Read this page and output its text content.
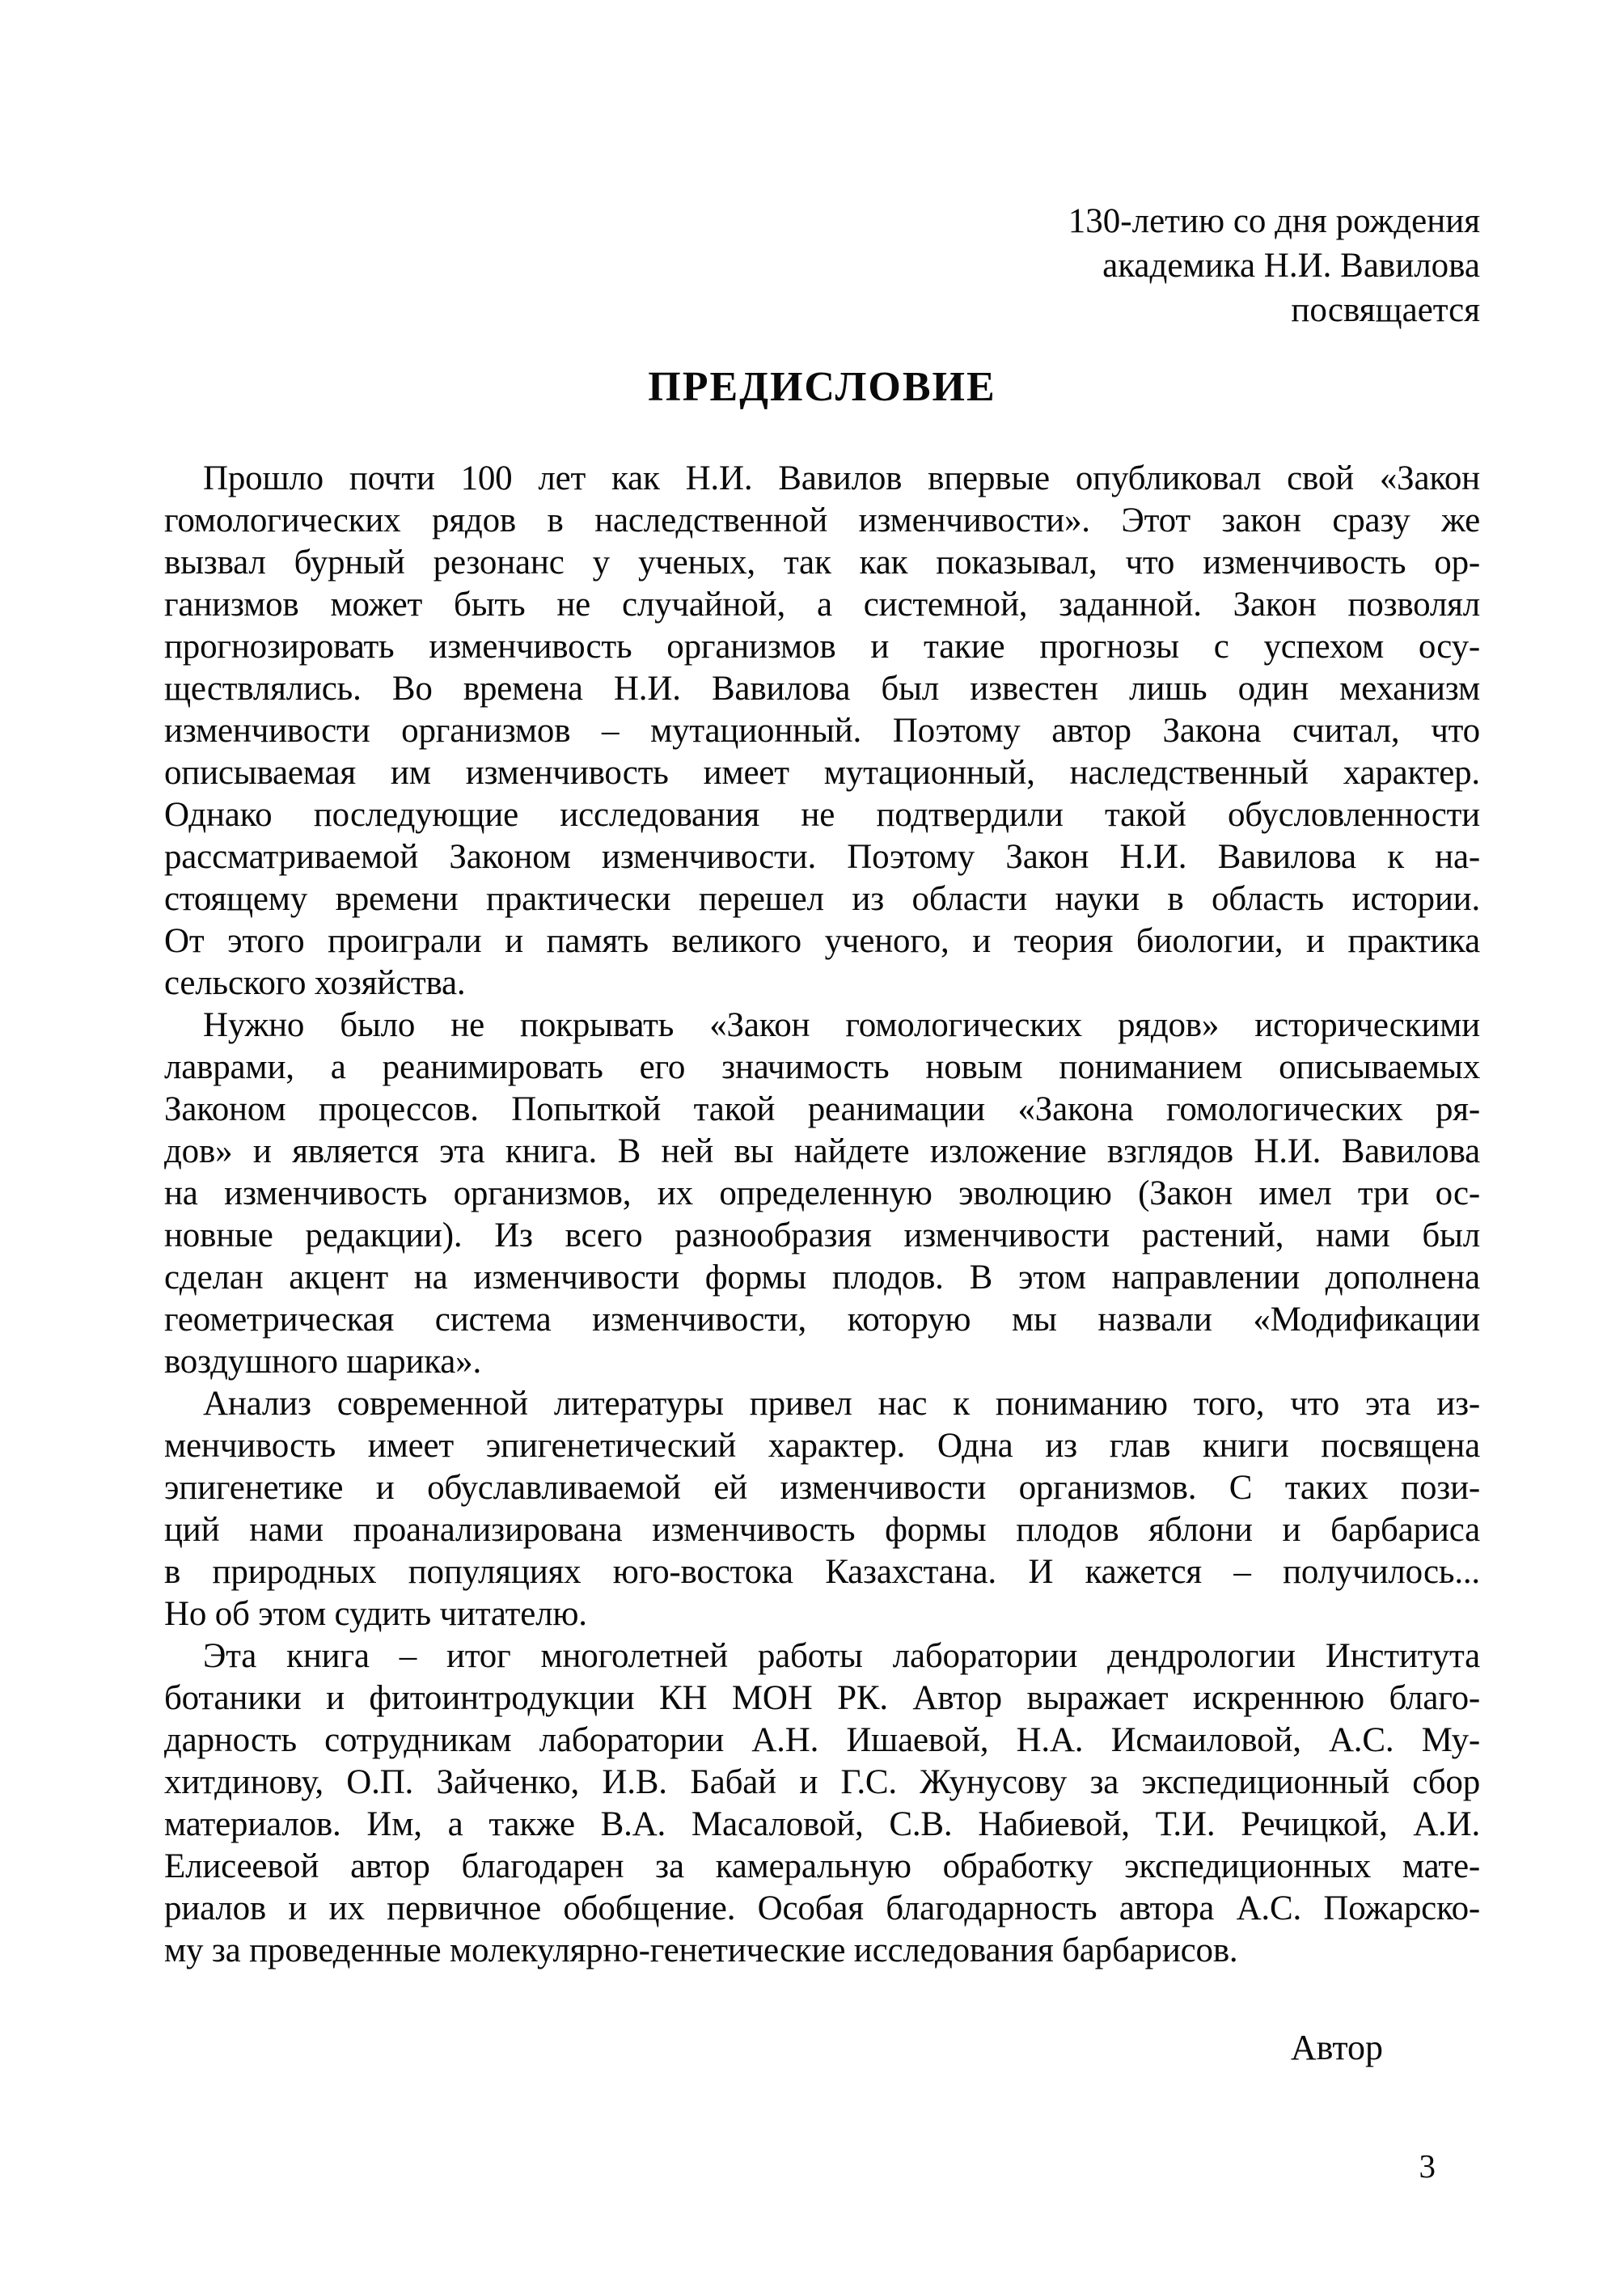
130-летию со дня рождения
академика Н.И. Вавилова
посвящается
ПРЕДИСЛОВИЕ
Прошло почти 100 лет как Н.И. Вавилов впервые опубликовал свой «Закон
гомологических рядов в наследственной изменчивости». Этот закон сразу же
вызвал бурный резонанс у ученых, так как показывал, что изменчивость ор-
ганизмов может быть не случайной, а системной, заданной. Закон позволял
прогнозировать изменчивость организмов и такие прогнозы с успехом осу-
ществлялись. Во времена Н.И. Вавилова был известен лишь один механизм
изменчивости организмов – мутационный. Поэтому автор Закона считал, что
описываемая им изменчивость имеет мутационный, наследственный характер.
Однако последующие исследования не подтвердили такой обусловленности
рассматриваемой Законом изменчивости. Поэтому Закон Н.И. Вавилова к на-
стоящему времени практически перешел из области науки в область истории.
От этого проиграли и память великого ученого, и теория биологии, и практика
сельского хозяйства.
Нужно было не покрывать «Закон гомологических рядов» историческими
лаврами, а реанимировать его значимость новым пониманием описываемых
Законом процессов. Попыткой такой реанимации «Закона гомологических ря-
дов» и является эта книга. В ней вы найдете изложение взглядов Н.И. Вавилова
на изменчивость организмов, их определенную эволюцию (Закон имел три ос-
новные редакции). Из всего разнообразия изменчивости растений, нами был
сделан акцент на изменчивости формы плодов. В этом направлении дополнена
геометрическая система изменчивости, которую мы назвали «Модификации
воздушного шарика».
Анализ современной литературы привел нас к пониманию того, что эта из-
менчивость имеет эпигенетический характер. Одна из глав книги посвящена
эпигенетике и обуславливаемой ей изменчивости организмов. С таких пози-
ций нами проанализирована изменчивость формы плодов яблони и барбариса
в природных популяциях юго-востока Казахстана. И кажется – получилось...
Но об этом судить читателю.
Эта книга – итог многолетней работы лаборатории дендрологии Института
ботаники и фитоинтродукции КН МОН РК. Автор выражает искреннюю благо-
дарность сотрудникам лаборатории А.Н. Ишаевой, Н.А. Исмаиловой, А.С. Му-
хитдинову, О.П. Зайченко, И.В. Бабай и Г.С. Жунусову за экспедиционный сбор
материалов. Им, а также В.А. Масаловой, С.В. Набиевой, Т.И. Речицкой, А.И.
Елисеевой автор благодарен за камеральную обработку экспедиционных мате-
риалов и их первичное обобщение. Особая благодарность автора А.С. Пожарско-
му за проведенные молекулярно-генетические исследования барбарисов.
Автор
3
